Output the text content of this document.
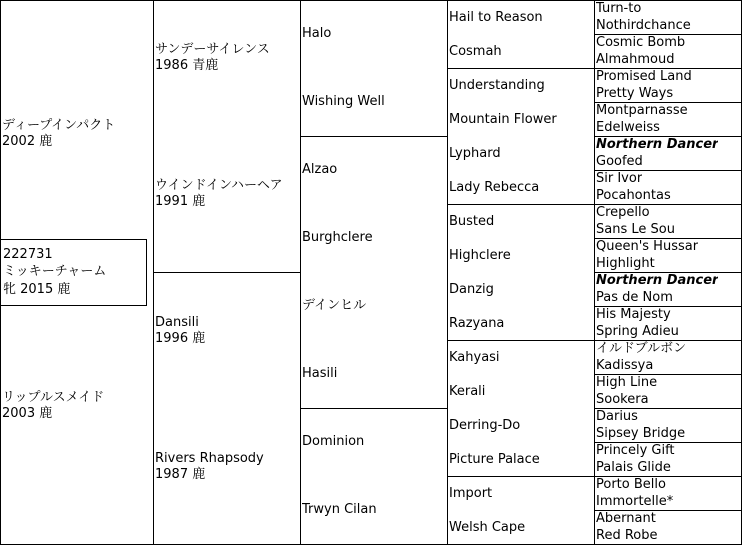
ディープインパクト
2002 鹿
リップルスメイド
2003 鹿
222731
ミッキーチャーム
牝 2015 鹿
サンデーサイレンス
1986 青鹿
ウインドインハーヘア
1991 鹿
Dansili
1996 鹿
Rivers Rhapsody
1987 鹿
Halo
Wishing Well
Alzao
Burghclere
デインヒル
Hasili
Dominion
Trwyn Cilan
Hail to Reason
Cosmah
Understanding
Mountain Flower
Lyphard
Lady Rebecca
Busted
Highclere
Danzig
Razyana
Kahyasi
Kerali
Derring-Do
Picture Palace
Import
Welsh Cape
Turn-to
Nothirdchance
Cosmic Bomb
Almahmoud
Promised Land
Pretty Ways
Montparnasse
Edelweiss
Northern Dancer
Goofed
Sir Ivor
Pocahontas
Crepello
Sans Le Sou
Queen's Hussar
Highlight
Northern Dancer
Pas de Nom
His Majesty
Spring Adieu
イルドブルボン
Kadissya
High Line
Sookera
Darius
Sipsey Bridge
Princely Gift
Palais Glide
Porto Bello
Immortelle*
Abernant
Red Robe
